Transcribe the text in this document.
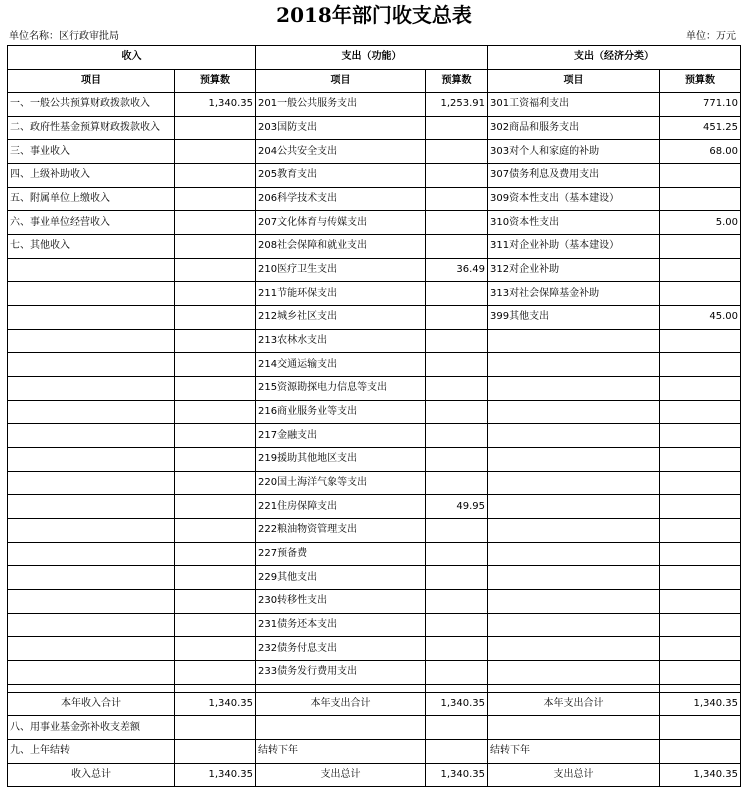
2018年部门收支总表
单位名称：区行政审批局	单位：万元
收入		支出（功能）		支出（经济分类）	
项目	预算数	项目	预算数	项目	预算数
一、一般公共预算财政拨款收入	1,340.35	201一般公共服务支出	1,253.91	301工资福利支出	771.10
二、政府性基金预算财政拨款收入		203国防支出		302商品和服务支出	451.25
三、事业收入		204公共安全支出		303对个人和家庭的补助	68.00
四、上级补助收入		205教育支出		307债务利息及费用支出	
五、附属单位上缴收入		206科学技术支出		309资本性支出（基本建设）	
六、事业单位经营收入		207文化体育与传媒支出		310资本性支出	5.00
七、其他收入		208社会保障和就业支出		311对企业补助（基本建设）	
		210医疗卫生支出	36.49	312对企业补助	
		211节能环保支出		313对社会保障基金补助	
		212城乡社区支出		399其他支出	45.00
		213农林水支出			
		214交通运输支出			
		215资源勘探电力信息等支出			
		216商业服务业等支出			
		217金融支出			
		219援助其他地区支出			
		220国土海洋气象等支出			
		221住房保障支出	49.95		
		222粮油物资管理支出			
		227预备费			
		229其他支出			
		230转移性支出			
		231债务还本支出			
		232债务付息支出			
		233债务发行费用支出			

本年收入合计	1,340.35	本年支出合计	1,340.35	本年支出合计	1,340.35
八、用事业基金弥补收支差额					
九、上年结转		结转下年		结转下年	
收入总计	1,340.35	支出总计	1,340.35	支出总计	1,340.35
